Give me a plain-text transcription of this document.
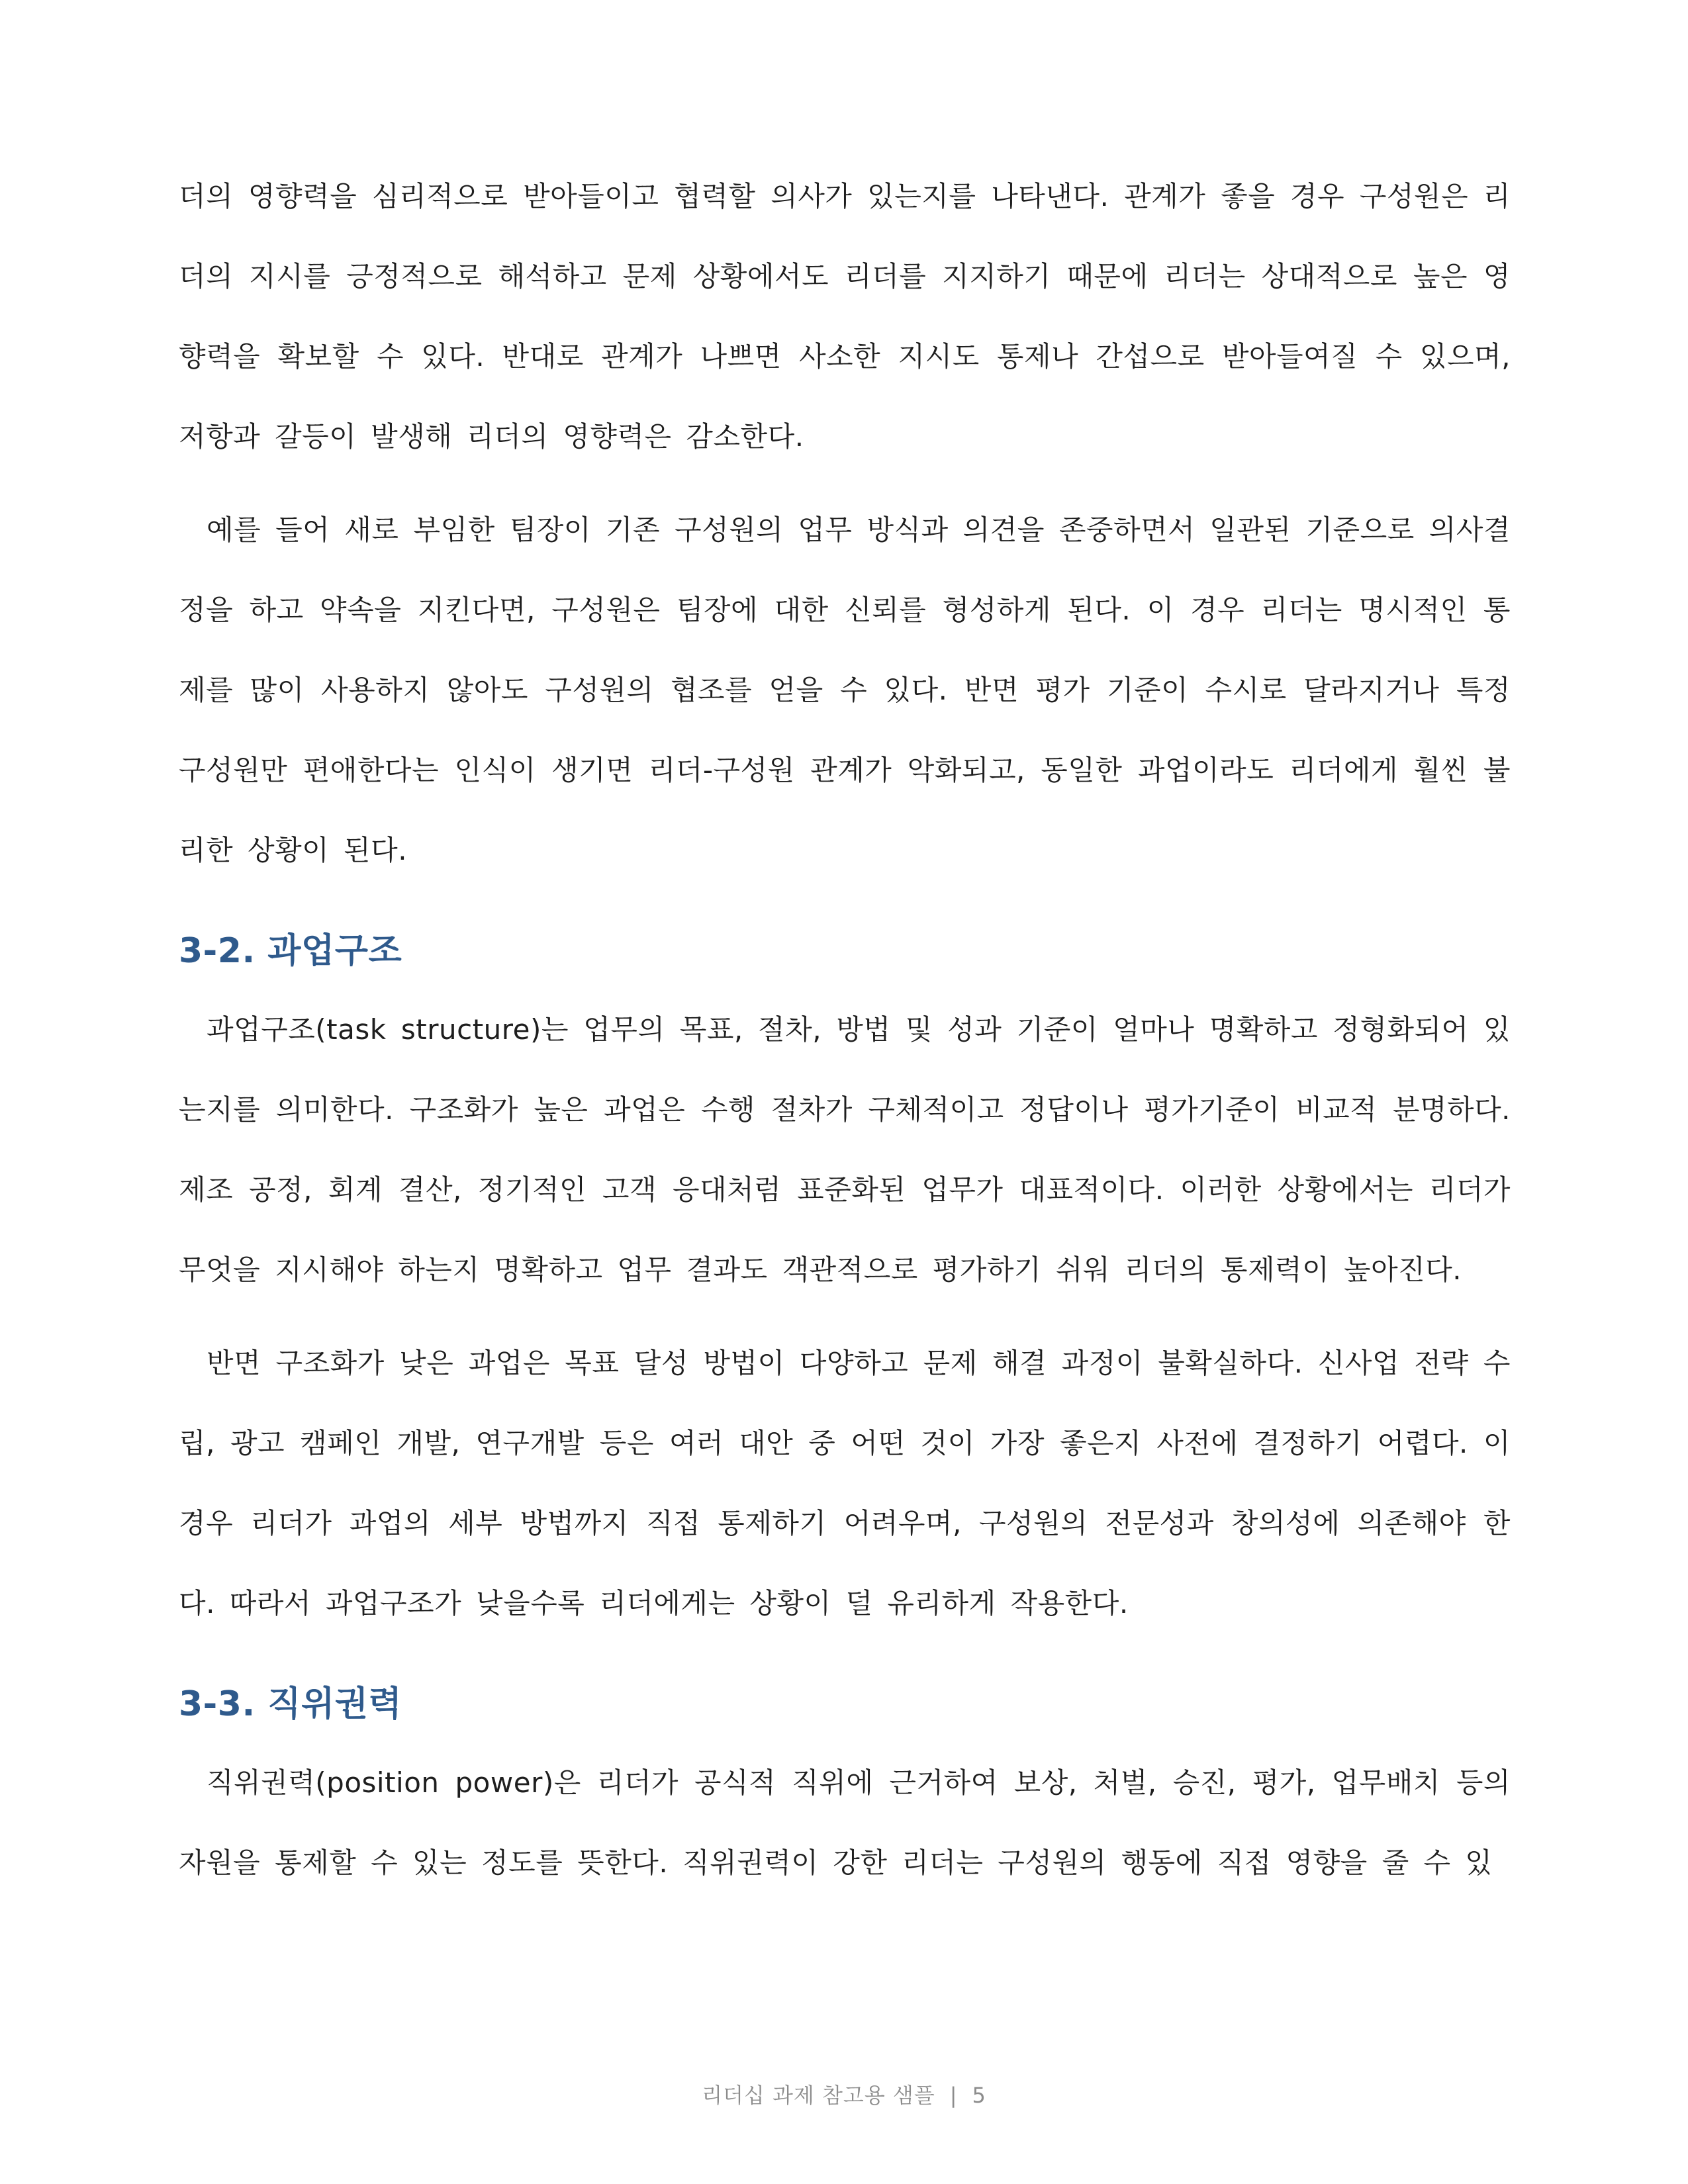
더의 영향력을 심리적으로 받아들이고 협력할 의사가 있는지를 나타낸다. 관계가 좋을 경우 구성원은 리더의 지시를 긍정적으로 해석하고 문제 상황에서도 리더를 지지하기 때문에 리더는 상대적으로 높은 영향력을 확보할 수 있다. 반대로 관계가 나쁘면 사소한 지시도 통제나 간섭으로 받아들여질 수 있으며, 저항과 갈등이 발생해 리더의 영향력은 감소한다.

예를 들어 새로 부임한 팀장이 기존 구성원의 업무 방식과 의견을 존중하면서 일관된 기준으로 의사결정을 하고 약속을 지킨다면, 구성원은 팀장에 대한 신뢰를 형성하게 된다. 이 경우 리더는 명시적인 통제를 많이 사용하지 않아도 구성원의 협조를 얻을 수 있다. 반면 평가 기준이 수시로 달라지거나 특정 구성원만 편애한다는 인식이 생기면 리더-구성원 관계가 악화되고, 동일한 과업이라도 리더에게 훨씬 불리한 상황이 된다.

3-2. 과업구조

과업구조(task structure)는 업무의 목표, 절차, 방법 및 성과 기준이 얼마나 명확하고 정형화되어 있는지를 의미한다. 구조화가 높은 과업은 수행 절차가 구체적이고 정답이나 평가기준이 비교적 분명하다. 제조 공정, 회계 결산, 정기적인 고객 응대처럼 표준화된 업무가 대표적이다. 이러한 상황에서는 리더가 무엇을 지시해야 하는지 명확하고 업무 결과도 객관적으로 평가하기 쉬워 리더의 통제력이 높아진다.

반면 구조화가 낮은 과업은 목표 달성 방법이 다양하고 문제 해결 과정이 불확실하다. 신사업 전략 수립, 광고 캠페인 개발, 연구개발 등은 여러 대안 중 어떤 것이 가장 좋은지 사전에 결정하기 어렵다. 이 경우 리더가 과업의 세부 방법까지 직접 통제하기 어려우며, 구성원의 전문성과 창의성에 의존해야 한다. 따라서 과업구조가 낮을수록 리더에게는 상황이 덜 유리하게 작용한다.

3-3. 직위권력

직위권력(position power)은 리더가 공식적 직위에 근거하여 보상, 처벌, 승진, 평가, 업무배치 등의 자원을 통제할 수 있는 정도를 뜻한다. 직위권력이 강한 리더는 구성원의 행동에 직접 영향을 줄 수 있

리더십 과제 참고용 샘플 | 5
